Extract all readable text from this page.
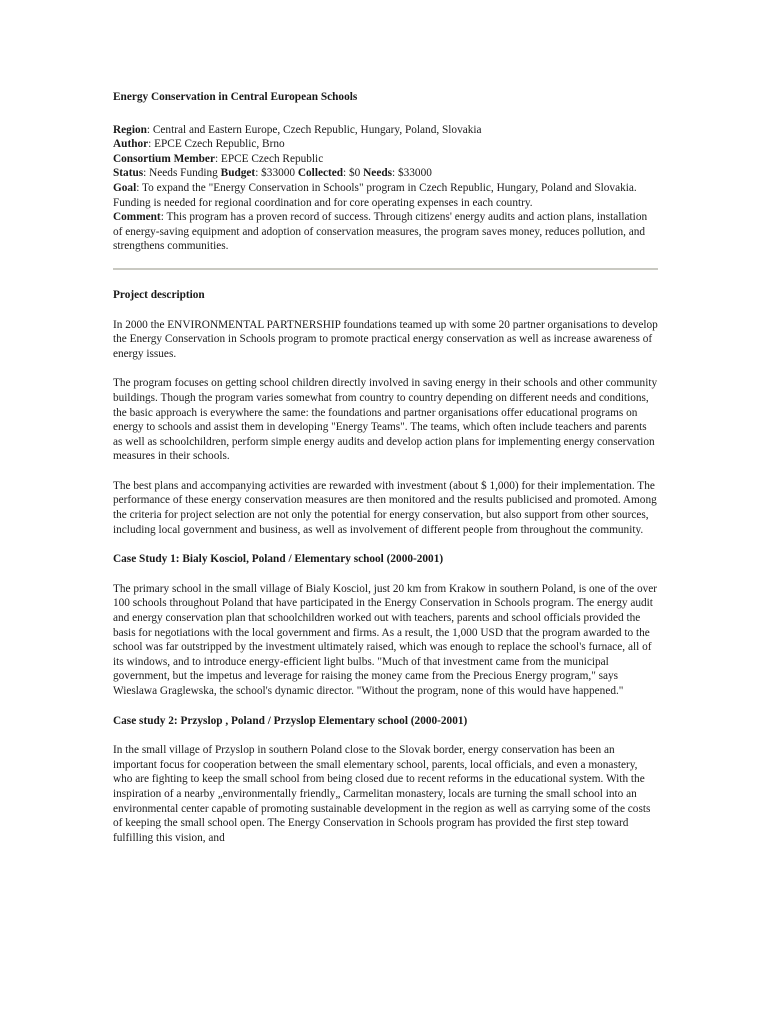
Energy Conservation in Central European Schools

Region: Central and Eastern Europe, Czech Republic, Hungary, Poland, Slovakia

Author: EPCE Czech Republic, Brno

Consortium Member: EPCE Czech Republic

Status: Needs Funding Budget: $33000 Collected: $0 Needs: $33000

Goal: To expand the "Energy Conservation in Schools" program in Czech Republic, Hungary, Poland and Slovakia. Funding is needed for regional coordination and for core operating expenses in each country.

Comment: This program has a proven record of success. Through citizens' energy audits and action plans, installation of energy-saving equipment and adoption of conservation measures, the program saves money, reduces pollution, and strengthens communities.

Project description

In 2000 the ENVIRONMENTAL PARTNERSHIP foundations teamed up with some 20 partner organisations to develop the Energy Conservation in Schools program to promote practical energy conservation as well as increase awareness of energy issues.

The program focuses on getting school children directly involved in saving energy in their schools and other community buildings. Though the program varies somewhat from country to country depending on different needs and conditions, the basic approach is everywhere the same: the foundations and partner organisations offer educational programs on energy to schools and assist them in developing "Energy Teams". The teams, which often include teachers and parents as well as schoolchildren, perform simple energy audits and develop action plans for implementing energy conservation measures in their schools.

The best plans and accompanying activities are rewarded with investment (about $ 1,000) for their implementation. The performance of these energy conservation measures are then monitored and the results publicised and promoted. Among the criteria for project selection are not only the potential for energy conservation, but also support from other sources, including local government and business, as well as involvement of different people from throughout the community.

Case Study 1: Bialy Kosciol, Poland / Elementary school (2000-2001)

The primary school in the small village of Bialy Kosciol, just 20 km from Krakow in southern Poland, is one of the over 100 schools throughout Poland that have participated in the Energy Conservation in Schools program. The energy audit and energy conservation plan that schoolchildren worked out with teachers, parents and school officials provided the basis for negotiations with the local government and firms. As a result, the 1,000 USD that the program awarded to the school was far outstripped by the investment ultimately raised, which was enough to replace the school's furnace, all of its windows, and to introduce energy-efficient light bulbs. "Much of that investment came from the municipal government, but the impetus and leverage for raising the money came from the Precious Energy program," says Wieslawa Graglewska, the school's dynamic director. "Without the program, none of this would have happened."

Case study 2: Przyslop , Poland / Przyslop Elementary school (2000-2001)

In the small village of Przyslop in southern Poland close to the Slovak border, energy conservation has been an important focus for cooperation between the small elementary school, parents, local officials, and even a monastery, who are fighting to keep the small school from being closed due to recent reforms in the educational system. With the inspiration of a nearby „environmentally friendly„ Carmelitan monastery, locals are turning the small school into an environmental center capable of promoting sustainable development in the region as well as carrying some of the costs of keeping the small school open. The Energy Conservation in Schools program has provided the first step toward fulfilling this vision, and
